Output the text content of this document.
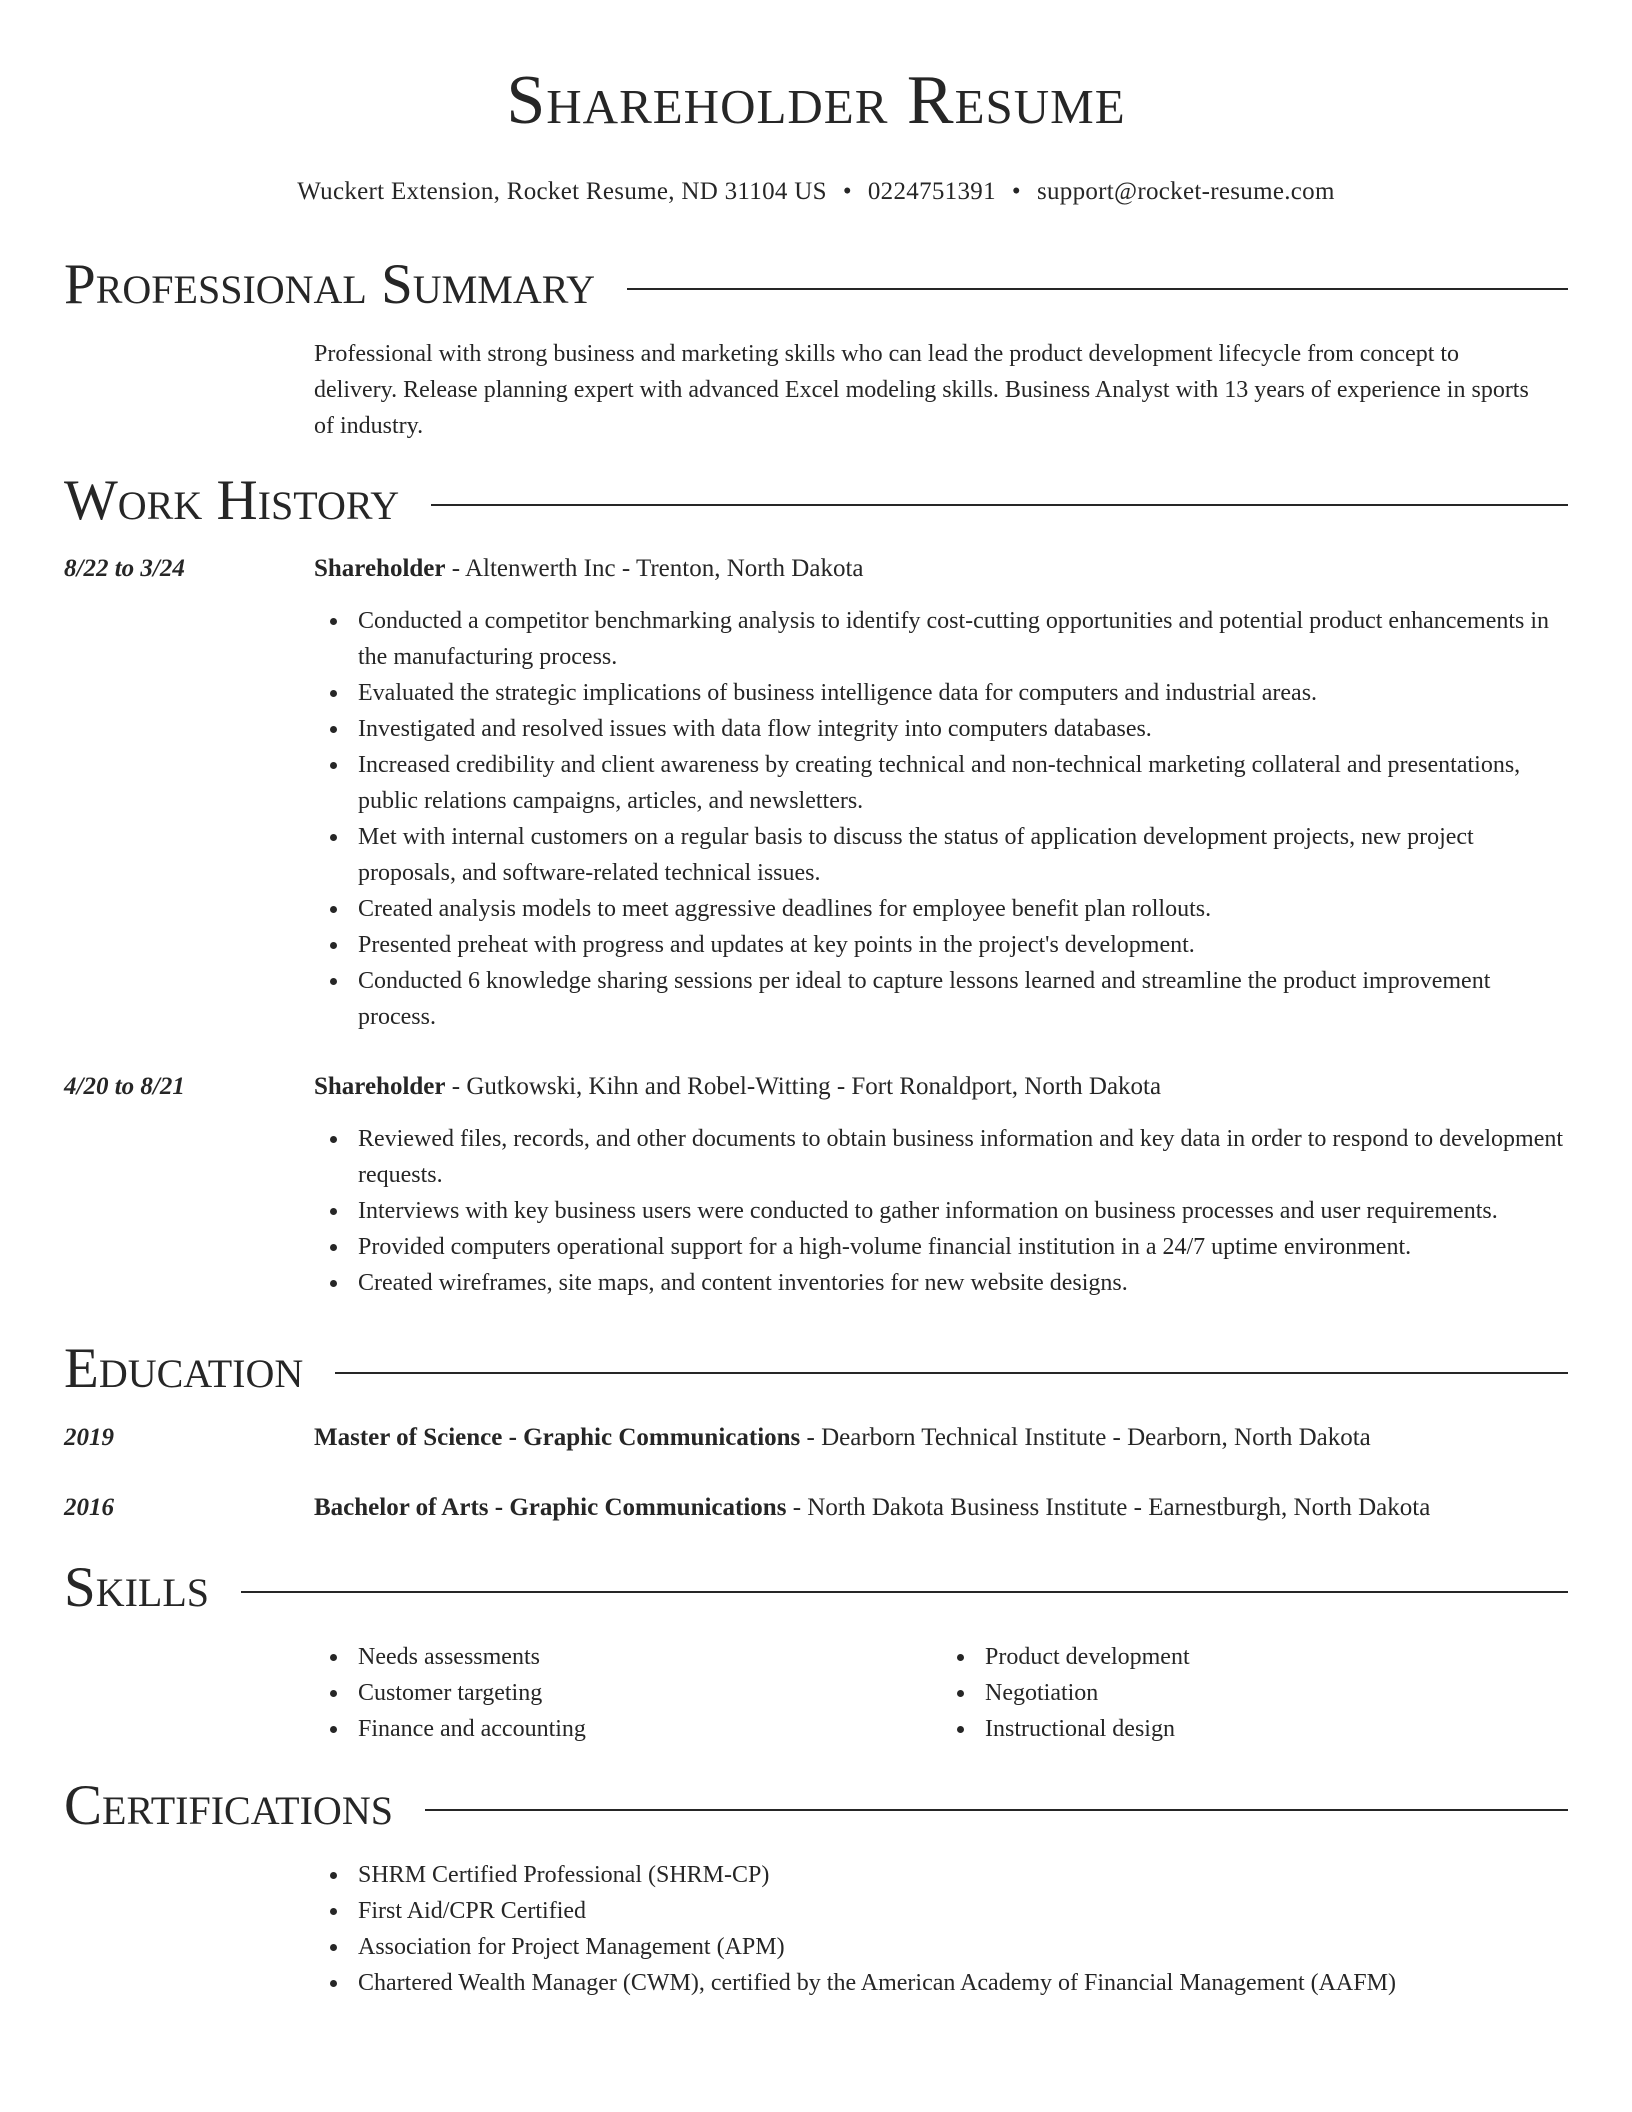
Shareholder Resume
Wuckert Extension, Rocket Resume, ND 31104 US • 0224751391 • support@rocket-resume.com
Professional Summary
Professional with strong business and marketing skills who can lead the product development lifecycle from concept to delivery. Release planning expert with advanced Excel modeling skills. Business Analyst with 13 years of experience in sports of industry.
Work History
8/22 to 3/24	Shareholder - Altenwerth Inc - Trenton, North Dakota
Conducted a competitor benchmarking analysis to identify cost-cutting opportunities and potential product enhancements in the manufacturing process.
Evaluated the strategic implications of business intelligence data for computers and industrial areas.
Investigated and resolved issues with data flow integrity into computers databases.
Increased credibility and client awareness by creating technical and non-technical marketing collateral and presentations, public relations campaigns, articles, and newsletters.
Met with internal customers on a regular basis to discuss the status of application development projects, new project proposals, and software-related technical issues.
Created analysis models to meet aggressive deadlines for employee benefit plan rollouts.
Presented preheat with progress and updates at key points in the project's development.
Conducted 6 knowledge sharing sessions per ideal to capture lessons learned and streamline the product improvement process.
4/20 to 8/21	Shareholder - Gutkowski, Kihn and Robel-Witting - Fort Ronaldport, North Dakota
Reviewed files, records, and other documents to obtain business information and key data in order to respond to development requests.
Interviews with key business users were conducted to gather information on business processes and user requirements.
Provided computers operational support for a high-volume financial institution in a 24/7 uptime environment.
Created wireframes, site maps, and content inventories for new website designs.
Education
2019	Master of Science - Graphic Communications - Dearborn Technical Institute - Dearborn, North Dakota
2016	Bachelor of Arts - Graphic Communications - North Dakota Business Institute - Earnestburgh, North Dakota
Skills
Needs assessments
Customer targeting
Finance and accounting
Product development
Negotiation
Instructional design
Certifications
SHRM Certified Professional (SHRM-CP)
First Aid/CPR Certified
Association for Project Management (APM)
Chartered Wealth Manager (CWM), certified by the American Academy of Financial Management (AAFM)
